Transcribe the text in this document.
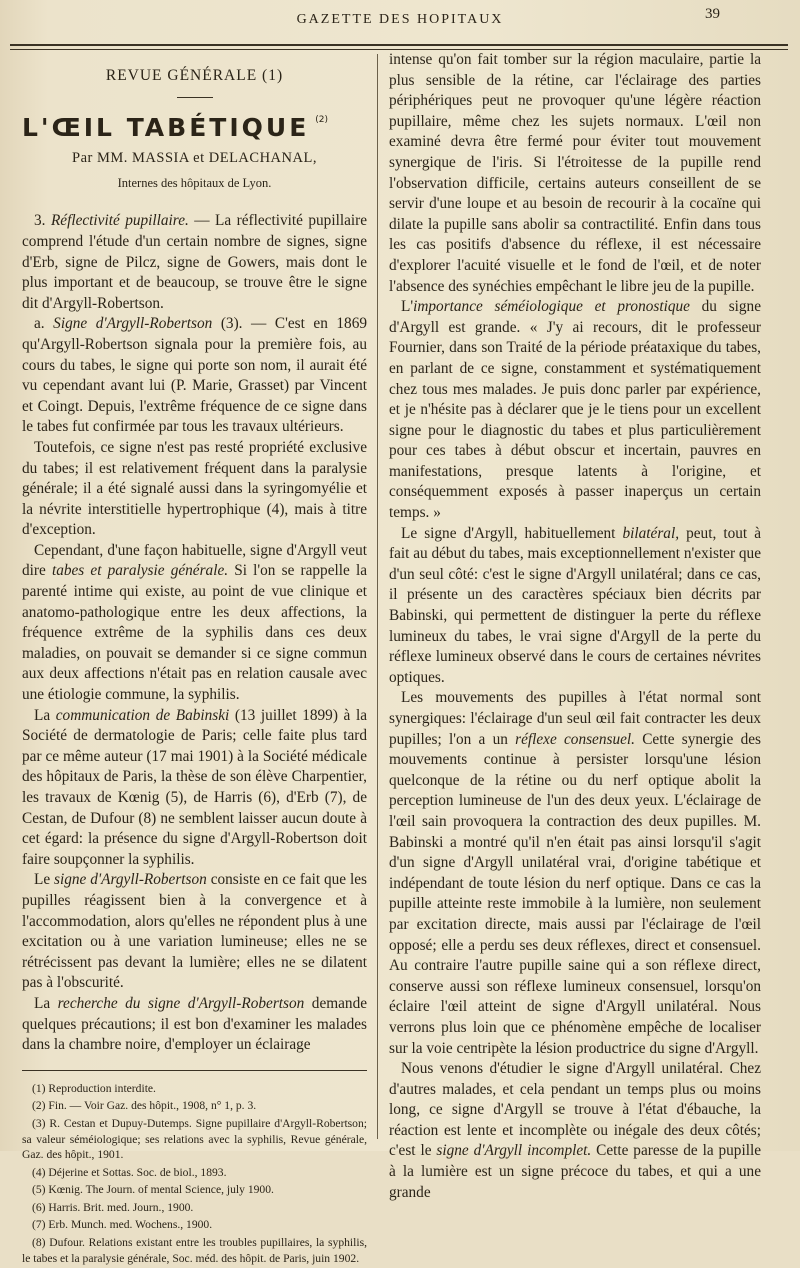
GAZETTE DES HOPITAUX	39
REVUE GÉNÉRALE (1)
L'ŒIL TABÉTIQUE $^{(2)}$
Par MM. MASSIA et DELACHANAL,
Internes des hôpitaux de Lyon.

3. Réflectivité pupillaire. — La réflectivité pupillaire comprend l'étude d'un certain nombre de signes, signe d'Erb, signe de Pilcz, signe de Gowers, mais dont le plus important et de beaucoup, se trouve être le signe dit d'Argyll-Robertson.

a. Signe d'Argyll-Robertson (3). — C'est en 1869 qu'Argyll-Robertson signala pour la première fois, au cours du tabes, le signe qui porte son nom, il aurait été vu cependant avant lui (P. Marie, Grasset) par Vincent et Coingt. Depuis, l'extrême fréquence de ce signe dans le tabes fut confirmée par tous les travaux ultérieurs.

Toutefois, ce signe n'est pas resté propriété exclusive du tabes; il est relativement fréquent dans la paralysie générale; il a été signalé aussi dans la syringomyélie et la névrite interstitielle hypertrophique (4), mais à titre d'exception.

Cependant, d'une façon habituelle, signe d'Argyll veut dire tabes et paralysie générale. Si l'on se rappelle la parenté intime qui existe, au point de vue clinique et anatomo-pathologique entre les deux affections, la fréquence extrême de la syphilis dans ces deux maladies, on pouvait se demander si ce signe commun aux deux affections n'était pas en relation causale avec une étiologie commune, la syphilis.

La communication de Babinski (13 juillet 1899) à la Société de dermatologie de Paris; celle faite plus tard par ce même auteur (17 mai 1901) à la Société médicale des hôpitaux de Paris, la thèse de son élève Charpentier, les travaux de Kœnig (5), de Harris (6), d'Erb (7), de Cestan, de Dufour (8) ne semblent laisser aucun doute à cet égard: la présence du signe d'Argyll-Robertson doit faire soupçonner la syphilis.

Le signe d'Argyll-Robertson consiste en ce fait que les pupilles réagissent bien à la convergence et à l'accommodation, alors qu'elles ne répondent plus à une excitation ou à une variation lumineuse; elles ne se rétrécissent pas devant la lumière; elles ne se dilatent pas à l'obscurité.

La recherche du signe d'Argyll-Robertson demande quelques précautions; il est bon d'examiner les malades dans la chambre noire, d'employer un éclairage

(1) Reproduction interdite.

(2) Fin. — Voir Gaz. des hôpit., 1908, n° 1, p. 3.

(3) R. Cestan et Dupuy-Dutemps. Signe pupillaire d'Argyll-Robertson; sa valeur séméiologique; ses relations avec la syphilis, Revue générale, Gaz. des hôpit., 1901.

(4) Déjerine et Sottas. Soc. de biol., 1893.

(5) Kœnig. The Journ. of mental Science, july 1900.

(6) Harris. Brit. med. Journ., 1900.

(7) Erb. Munch. med. Wochens., 1900.

(8) Dufour. Relations existant entre les troubles pupillaires, la syphilis, le tabes et la paralysie générale, Soc. méd. des hôpit. de Paris, juin 1902.

intense qu'on fait tomber sur la région maculaire, partie la plus sensible de la rétine, car l'éclairage des parties périphériques peut ne provoquer qu'une légère réaction pupillaire, même chez les sujets normaux. L'œil non examiné devra être fermé pour éviter tout mouvement synergique de l'iris. Si l'étroitesse de la pupille rend l'observation difficile, certains auteurs conseillent de se servir d'une loupe et au besoin de recourir à la cocaïne qui dilate la pupille sans abolir sa contractilité. Enfin dans tous les cas positifs d'absence du réflexe, il est nécessaire d'explorer l'acuité visuelle et le fond de l'œil, et de noter l'absence des synéchies empêchant le libre jeu de la pupille.

L'importance séméiologique et pronostique du signe d'Argyll est grande. « J'y ai recours, dit le professeur Fournier, dans son Traité de la période préataxique du tabes, en parlant de ce signe, constamment et systématiquement chez tous mes malades. Je puis donc parler par expérience, et je n'hésite pas à déclarer que je le tiens pour un excellent signe pour le diagnostic du tabes et plus particulièrement pour ces tabes à début obscur et incertain, pauvres en manifestations, presque latents à l'origine, et conséquemment exposés à passer inaperçus un certain temps. »

Le signe d'Argyll, habituellement bilatéral, peut, tout à fait au début du tabes, mais exceptionnellement n'exister que d'un seul côté: c'est le signe d'Argyll unilatéral; dans ce cas, il présente un des caractères spéciaux bien décrits par Babinski, qui permettent de distinguer la perte du réflexe lumineux du tabes, le vrai signe d'Argyll de la perte du réflexe lumineux observé dans le cours de certaines névrites optiques.

Les mouvements des pupilles à l'état normal sont synergiques: l'éclairage d'un seul œil fait contracter les deux pupilles; l'on a un réflexe consensuel. Cette synergie des mouvements continue à persister lorsqu'une lésion quelconque de la rétine ou du nerf optique abolit la perception lumineuse de l'un des deux yeux. L'éclairage de l'œil sain provoquera la contraction des deux pupilles. M. Babinski a montré qu'il n'en était pas ainsi lorsqu'il s'agit d'un signe d'Argyll unilatéral vrai, d'origine tabétique et indépendant de toute lésion du nerf optique. Dans ce cas la pupille atteinte reste immobile à la lumière, non seulement par excitation directe, mais aussi par l'éclairage de l'œil opposé; elle a perdu ses deux réflexes, direct et consensuel. Au contraire l'autre pupille saine qui a son réflexe direct, conserve aussi son réflexe lumineux consensuel, lorsqu'on éclaire l'œil atteint de signe d'Argyll unilatéral. Nous verrons plus loin que ce phénomène empêche de localiser sur la voie centripète la lésion productrice du signe d'Argyll.

Nous venons d'étudier le signe d'Argyll unilatéral. Chez d'autres malades, et cela pendant un temps plus ou moins long, ce signe d'Argyll se trouve à l'état d'ébauche, la réaction est lente et incomplète ou inégale des deux côtés; c'est le signe d'Argyll incomplet. Cette paresse de la pupille à la lumière est un signe précoce du tabes, et qui a une grande
